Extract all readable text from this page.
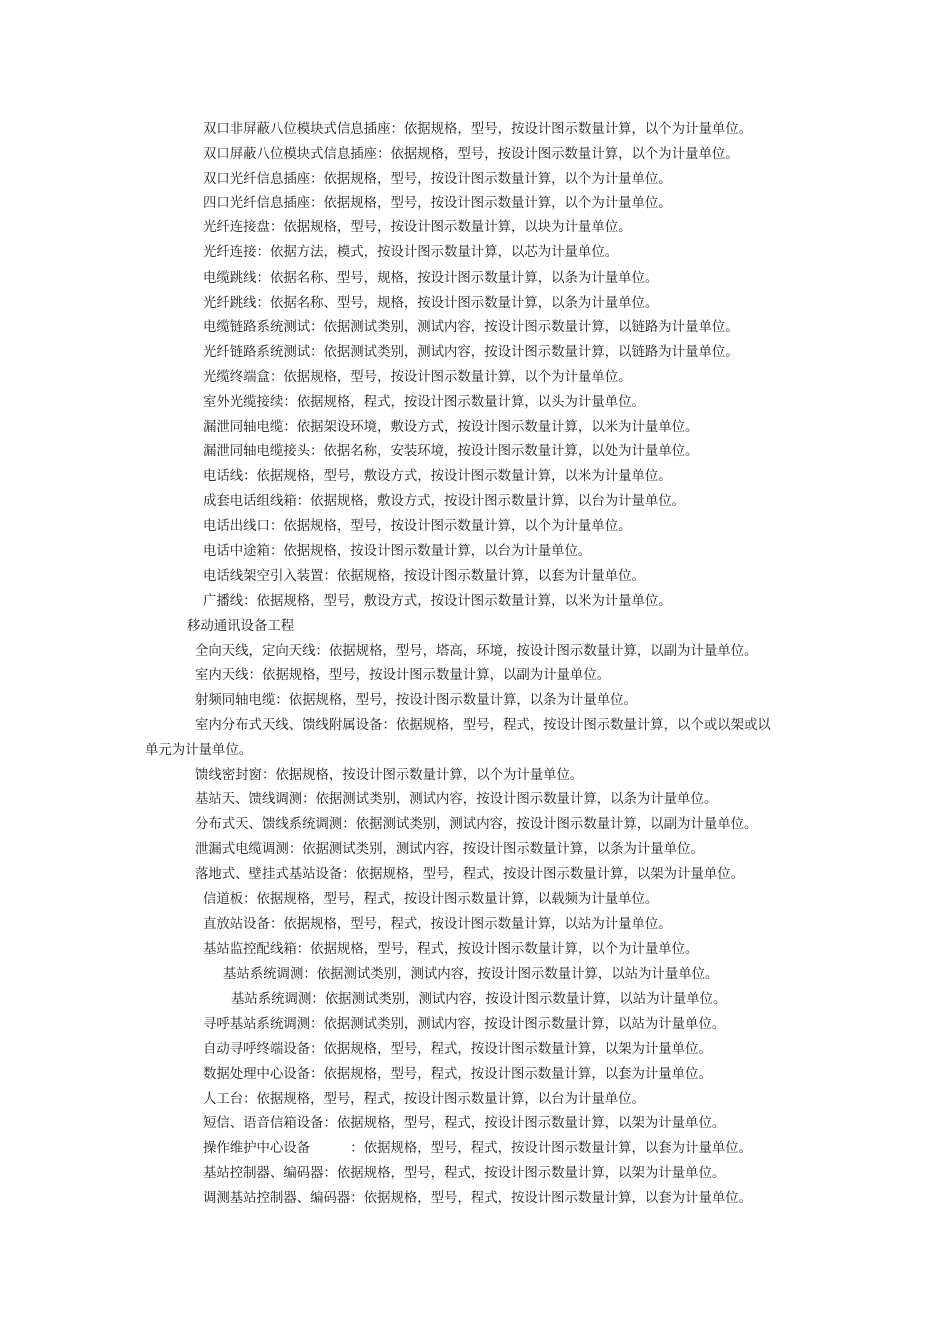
双口非屏蔽八位模块式信息插座：依据规格，型号，按设计图示数量计算，以个为计量单位。
双口屏蔽八位模块式信息插座：依据规格，型号，按设计图示数量计算，以个为计量单位。
双口光纤信息插座：依据规格，型号，按设计图示数量计算，以个为计量单位。
四口光纤信息插座：依据规格，型号，按设计图示数量计算，以个为计量单位。
光纤连接盘：依据规格，型号，按设计图示数量计算，以块为计量单位。
光纤连接：依据方法，模式，按设计图示数量计算，以芯为计量单位。
电缆跳线：依据名称、型号，规格，按设计图示数量计算，以条为计量单位。
光纤跳线：依据名称、型号，规格，按设计图示数量计算，以条为计量单位。
电缆链路系统测试：依据测试类别，测试内容，按设计图示数量计算，以链路为计量单位。
光纤链路系统测试：依据测试类别，测试内容，按设计图示数量计算，以链路为计量单位。
光缆终端盒：依据规格，型号，按设计图示数量计算，以个为计量单位。
室外光缆接续：依据规格，程式，按设计图示数量计算，以头为计量单位。
漏泄同轴电缆：依据架设环境，敷设方式，按设计图示数量计算，以米为计量单位。
漏泄同轴电缆接头：依据名称，安装环境，按设计图示数量计算，以处为计量单位。
电话线：依据规格，型号，敷设方式，按设计图示数量计算，以米为计量单位。
成套电话组线箱：依据规格，敷设方式，按设计图示数量计算，以台为计量单位。
电话出线口：依据规格，型号，按设计图示数量计算，以个为计量单位。
电话中途箱：依据规格，按设计图示数量计算，以台为计量单位。
电话线架空引入装置：依据规格，按设计图示数量计算，以套为计量单位。
广播线：依据规格，型号，敷设方式，按设计图示数量计算，以米为计量单位。
移动通讯设备工程
全向天线，定向天线：依据规格，型号，塔高，环境，按设计图示数量计算，以副为计量单位。
室内天线：依据规格，型号，按设计图示数量计算，以副为计量单位。
射频同轴电缆：依据规格，型号，按设计图示数量计算，以条为计量单位。
室内分布式天线、馈线附属设备：依据规格，型号，程式，按设计图示数量计算，以个或以架或以
单元为计量单位。
馈线密封窗：依据规格，按设计图示数量计算，以个为计量单位。
基站天、馈线调测：依据测试类别，测试内容，按设计图示数量计算，以条为计量单位。
分布式天、馈线系统调测：依据测试类别，测试内容，按设计图示数量计算，以副为计量单位。
泄漏式电缆调测：依据测试类别，测试内容，按设计图示数量计算，以条为计量单位。
落地式、壁挂式基站设备：依据规格，型号，程式，按设计图示数量计算，以架为计量单位。
信道板：依据规格，型号，程式，按设计图示数量计算，以载频为计量单位。
直放站设备：依据规格，型号，程式，按设计图示数量计算，以站为计量单位。
基站监控配线箱：依据规格，型号，程式，按设计图示数量计算，以个为计量单位。
基站系统调测：依据测试类别，测试内容，按设计图示数量计算，以站为计量单位。
基站系统调测：依据测试类别，测试内容，按设计图示数量计算，以站为计量单位。
寻呼基站系统调测：依据测试类别，测试内容，按设计图示数量计算，以站为计量单位。
自动寻呼终端设备：依据规格，型号，程式，按设计图示数量计算，以架为计量单位。
数据处理中心设备：依据规格，型号，程式，按设计图示数量计算，以套为计量单位。
人工台：依据规格，型号，程式，按设计图示数量计算，以台为计量单位。
短信、语音信箱设备：依据规格，型号，程式，按设计图示数量计算，以架为计量单位。
操作维护中心设备　　　：依据规格，型号，程式，按设计图示数量计算，以套为计量单位。
基站控制器、编码器：依据规格，型号，程式，按设计图示数量计算，以架为计量单位。
调测基站控制器、编码器：依据规格，型号，程式，按设计图示数量计算，以套为计量单位。
